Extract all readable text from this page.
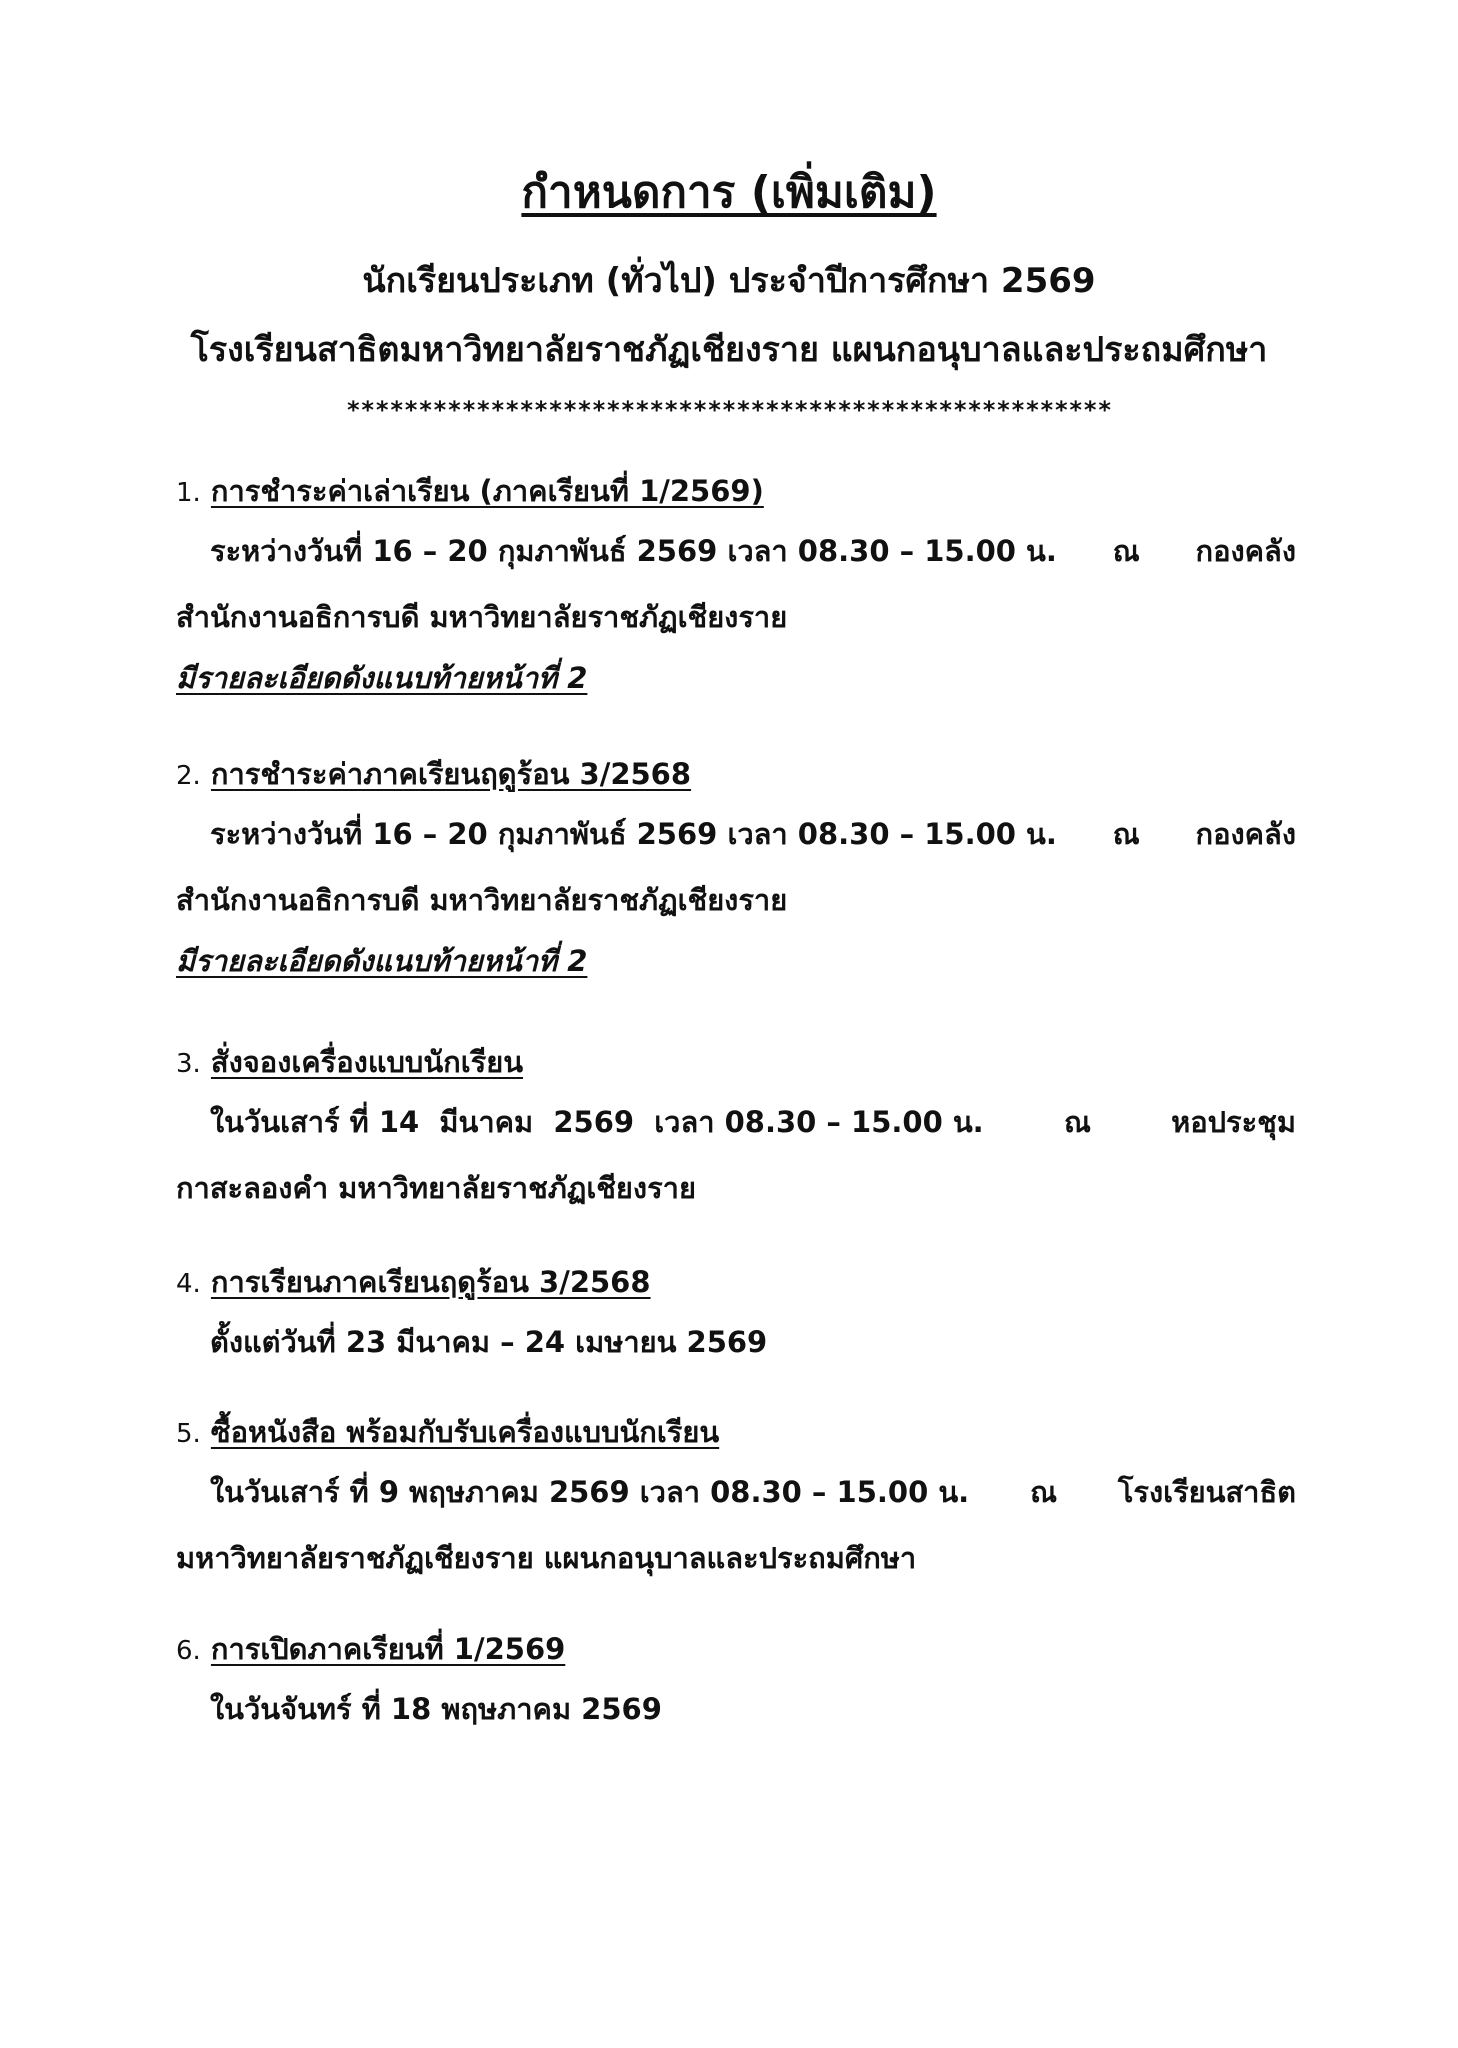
กำหนดการ (เพิ่มเติม)
นักเรียนประเภท (ทั่วไป) ประจำปีการศึกษา 2569
โรงเรียนสาธิตมหาวิทยาลัยราชภัฏเชียงราย แผนกอนุบาลและประถมศึกษา
*****************************************************
1. การชำระค่าเล่าเรียน (ภาคเรียนที่ 1/2569)
ระหว่างวันที่ 16 – 20 กุมภาพันธ์ 2569 เวลา 08.30 – 15.00 น. ณ กองคลัง
สำนักงานอธิการบดี มหาวิทยาลัยราชภัฏเชียงราย
มีรายละเอียดดังแนบท้ายหน้าที่ 2
2. การชำระค่าภาคเรียนฤดูร้อน 3/2568
ระหว่างวันที่ 16 – 20 กุมภาพันธ์ 2569 เวลา 08.30 – 15.00 น. ณ กองคลัง
สำนักงานอธิการบดี มหาวิทยาลัยราชภัฏเชียงราย
มีรายละเอียดดังแนบท้ายหน้าที่ 2
3. สั่งจองเครื่องแบบนักเรียน
ในวันเสาร์ ที่ 14  มีนาคม  2569  เวลา 08.30 – 15.00 น.	ณ	หอประชุม
กาสะลองคำ มหาวิทยาลัยราชภัฏเชียงราย
4. การเรียนภาคเรียนฤดูร้อน 3/2568
ตั้งแต่วันที่ 23 มีนาคม – 24 เมษายน 2569
5. ซื้อหนังสือ พร้อมกับรับเครื่องแบบนักเรียน
ในวันเสาร์ ที่ 9 พฤษภาคม 2569 เวลา 08.30 – 15.00 น. ณ โรงเรียนสาธิต
มหาวิทยาลัยราชภัฏเชียงราย แผนกอนุบาลและประถมศึกษา
6. การเปิดภาคเรียนที่ 1/2569
ในวันจันทร์ ที่ 18 พฤษภาคม 2569
